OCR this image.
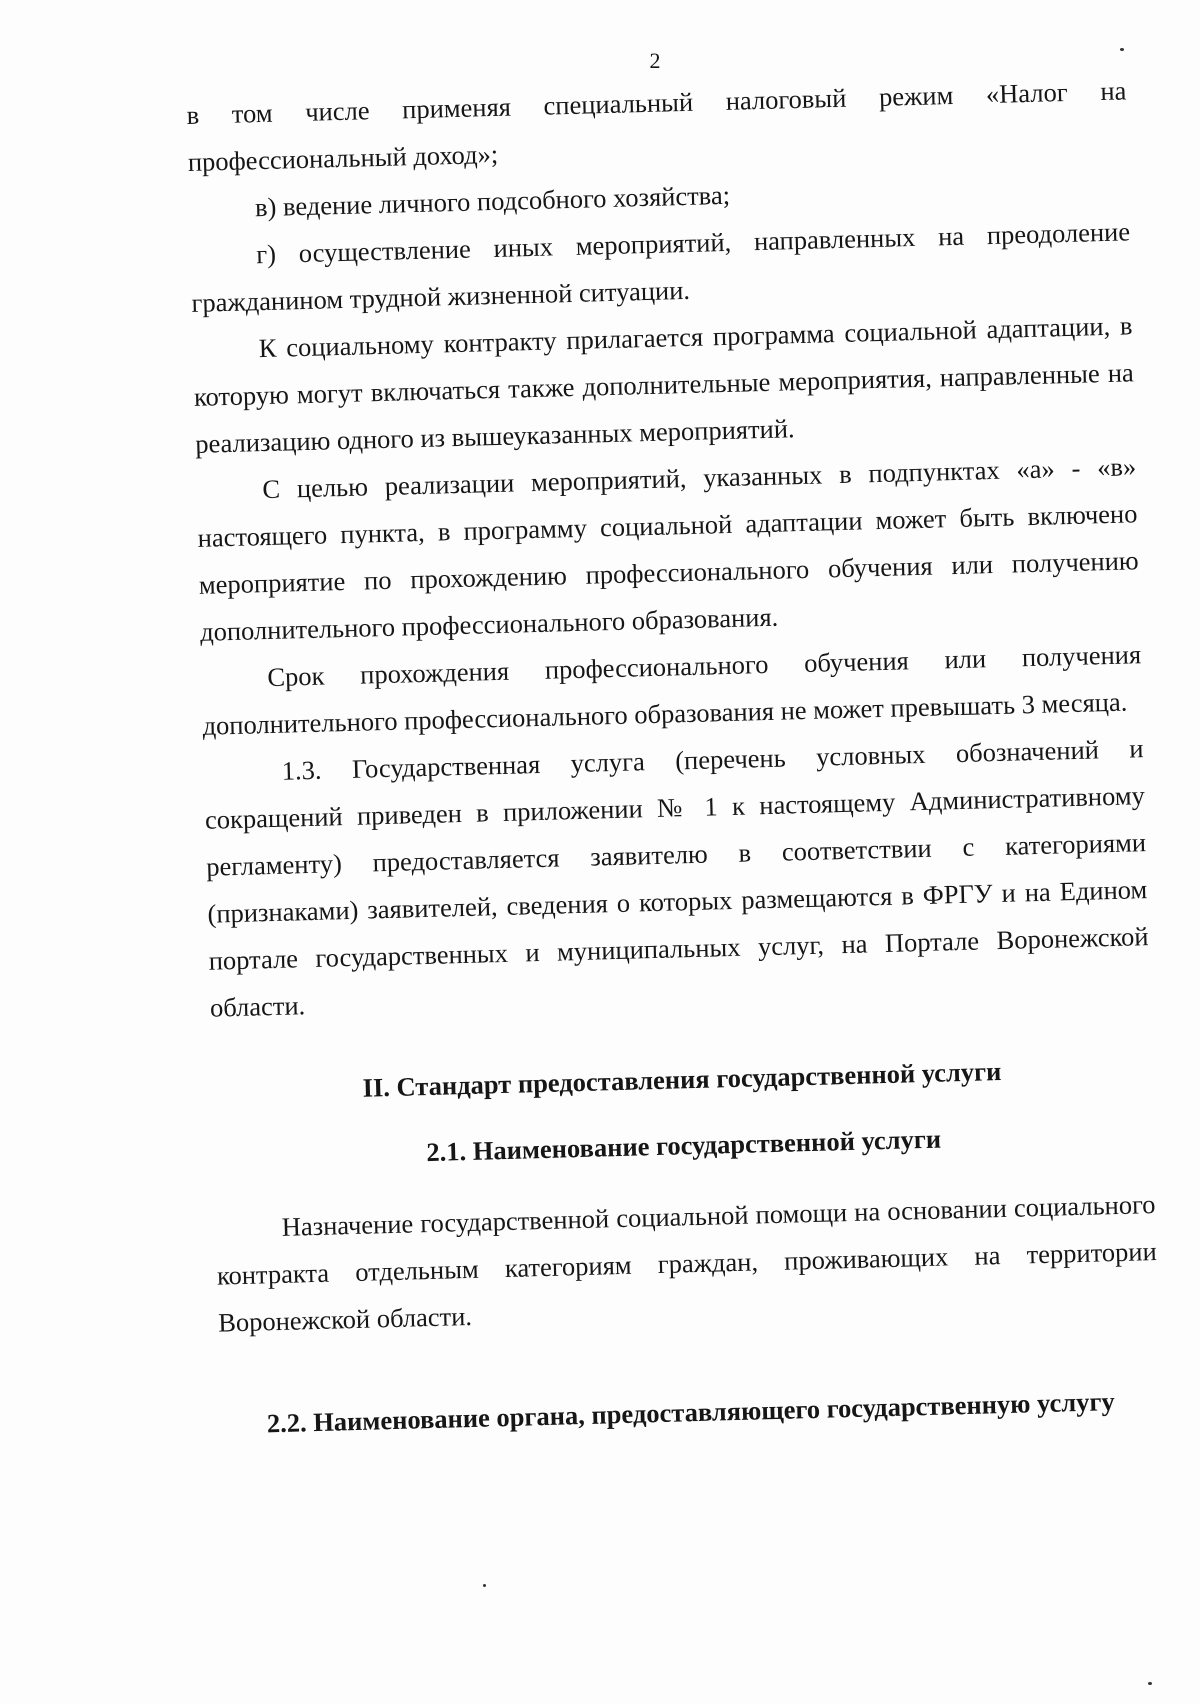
2

в том числе применяя специальный налоговый режим «Налог на профессиональный доход»;

в) ведение личного подсобного хозяйства;

г) осуществление иных мероприятий, направленных на преодоление гражданином трудной жизненной ситуации.

К социальному контракту прилагается программа социальной адаптации, в которую могут включаться также дополнительные мероприятия, направленные на реализацию одного из вышеуказанных мероприятий.

С целью реализации мероприятий, указанных в подпунктах «а» - «в» настоящего пункта, в программу социальной адаптации может быть включено мероприятие по прохождению профессионального обучения или получению дополнительного профессионального образования.

Срок прохождения профессионального обучения или получения дополнительного профессионального образования не может превышать 3 месяца.

1.3. Государственная услуга (перечень условных обозначений и сокращений приведен в приложении № 1 к настоящему Административному регламенту) предоставляется заявителю в соответствии с категориями (признаками) заявителей, сведения о которых размещаются в ФРГУ и на Едином портале государственных и муниципальных услуг, на Портале Воронежской области.

II. Стандарт предоставления государственной услуги
2.1. Наименование государственной услуги

Назначение государственной социальной помощи на основании социального контракта отдельным категориям граждан, проживающих на территории Воронежской области.

2.2. Наименование органа, предоставляющего государственную услугу
